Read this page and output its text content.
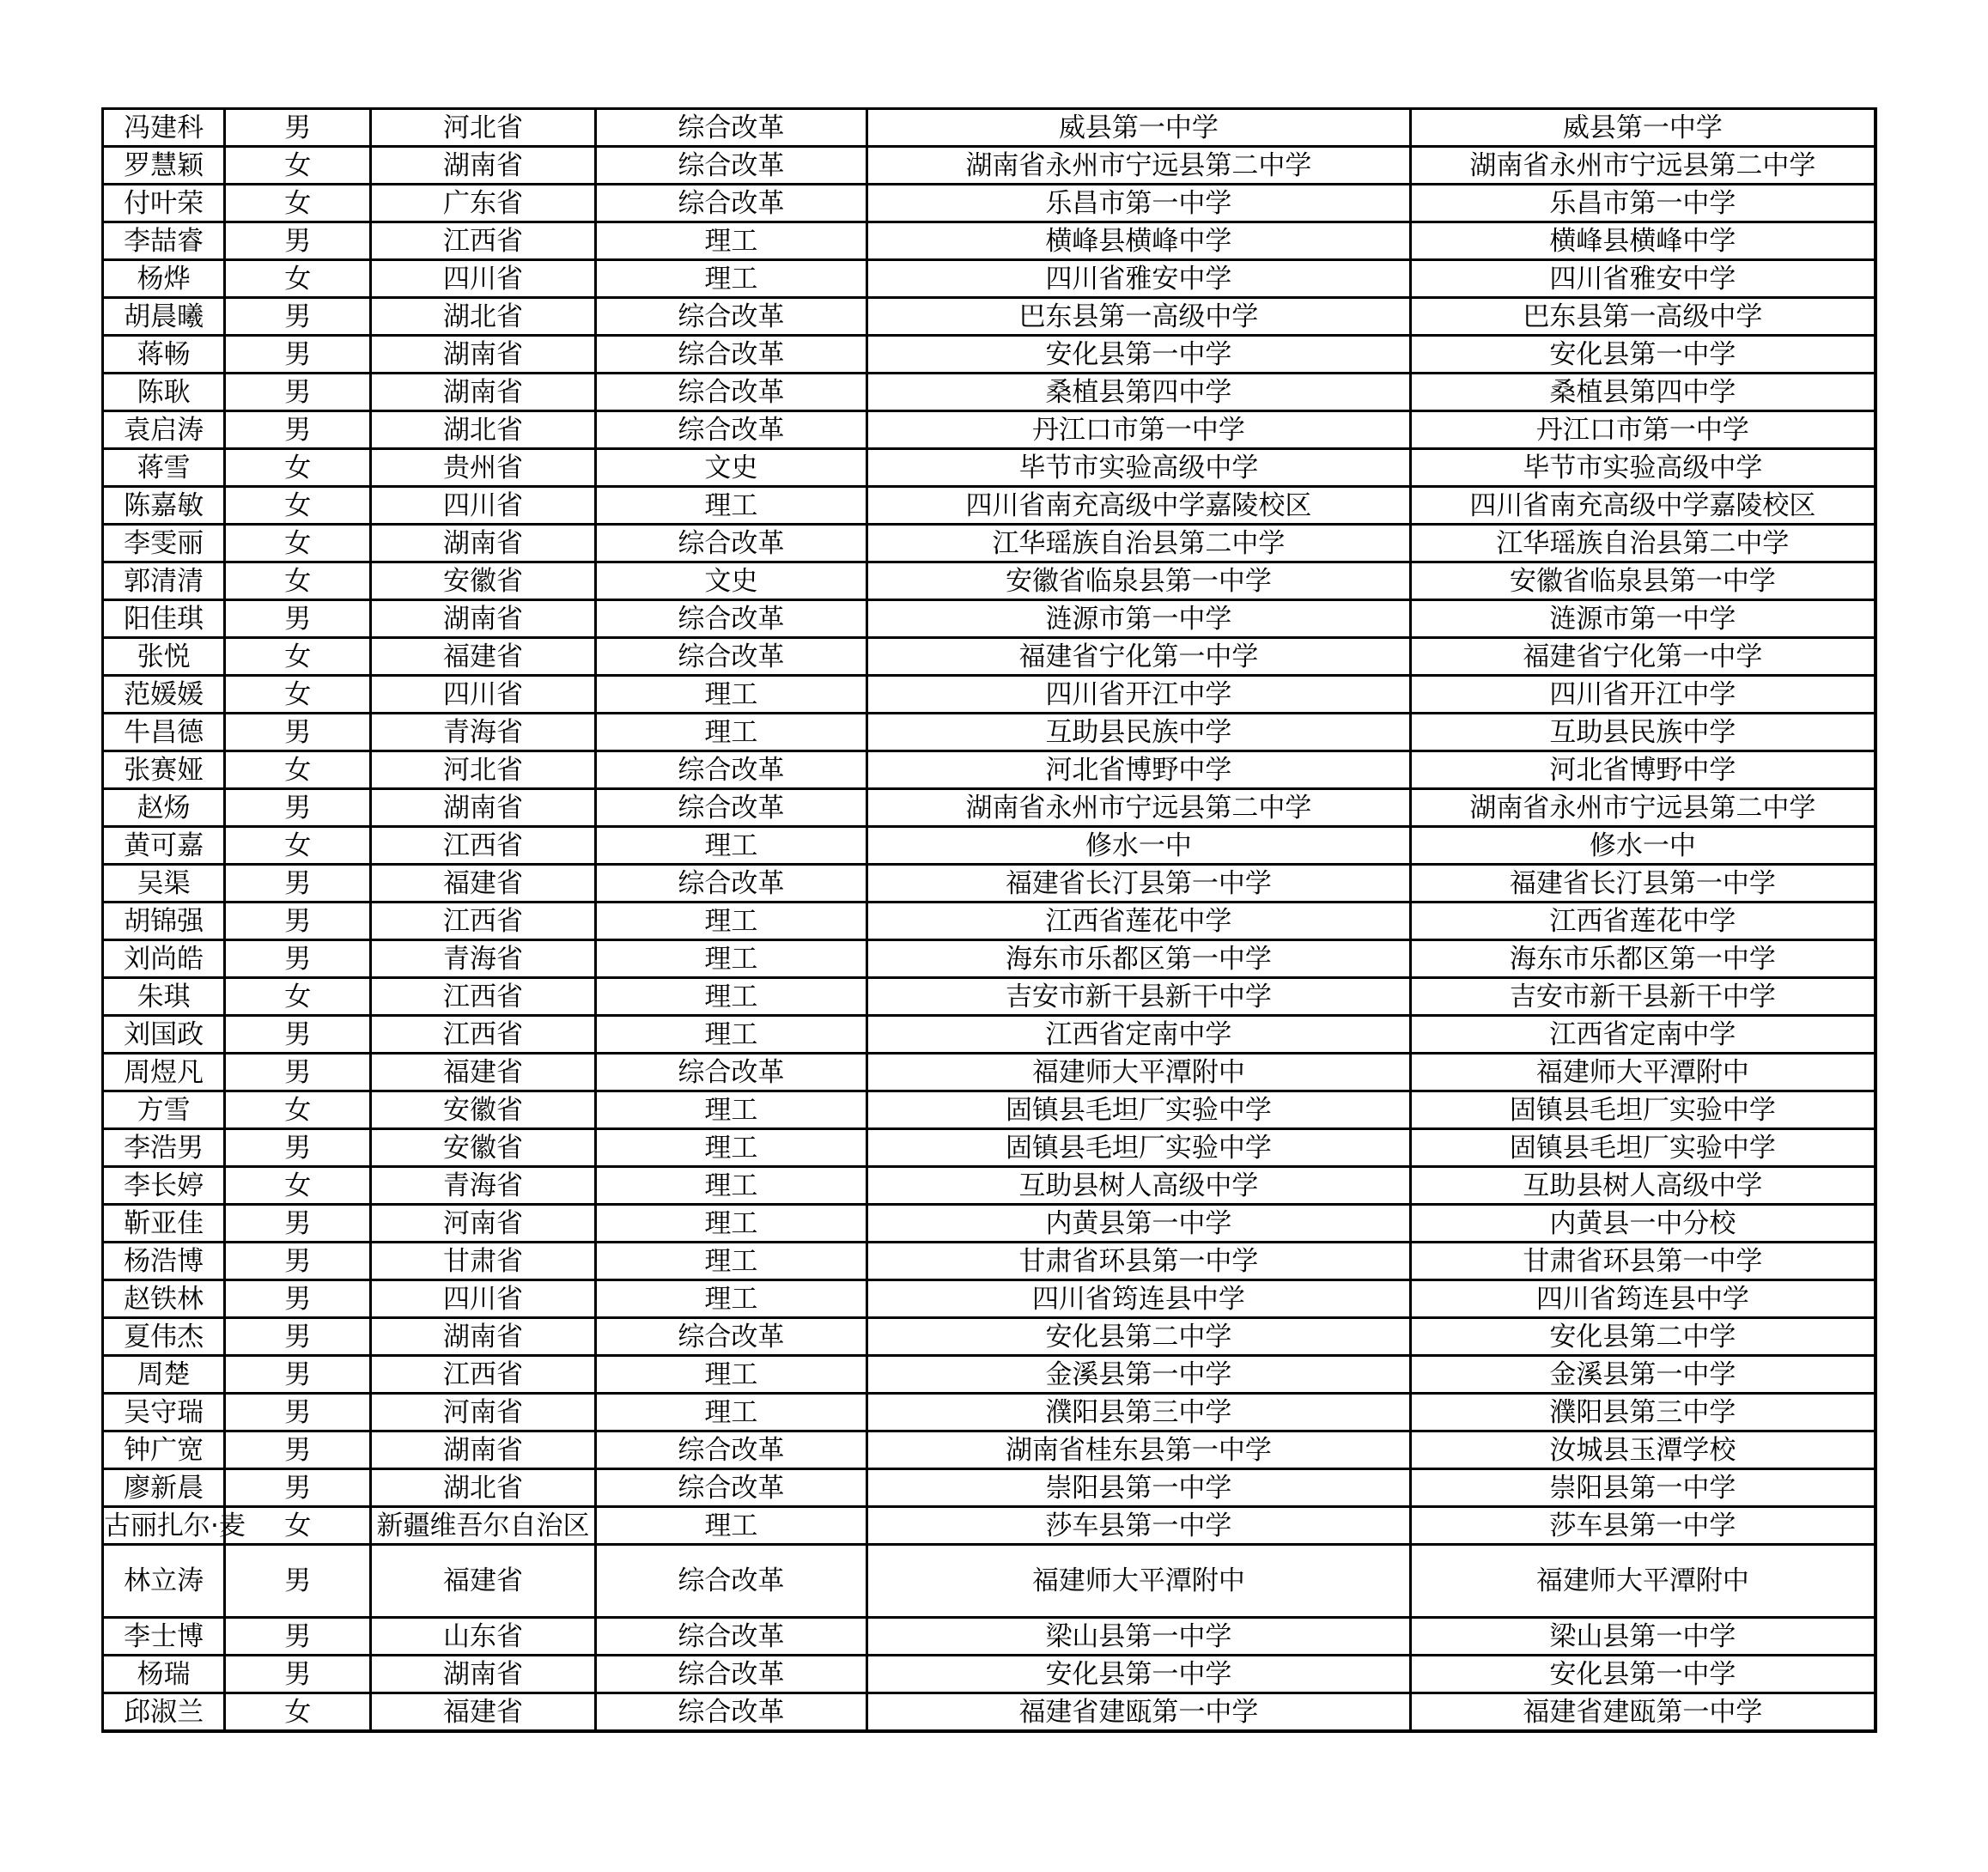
冯建科	男	河北省	综合改革	威县第一中学	威县第一中学
罗慧颖	女	湖南省	综合改革	湖南省永州市宁远县第二中学	湖南省永州市宁远县第二中学
付叶荣	女	广东省	综合改革	乐昌市第一中学	乐昌市第一中学
李喆睿	男	江西省	理工	横峰县横峰中学	横峰县横峰中学
杨烨	女	四川省	理工	四川省雅安中学	四川省雅安中学
胡晨曦	男	湖北省	综合改革	巴东县第一高级中学	巴东县第一高级中学
蒋畅	男	湖南省	综合改革	安化县第一中学	安化县第一中学
陈耿	男	湖南省	综合改革	桑植县第四中学	桑植县第四中学
袁启涛	男	湖北省	综合改革	丹江口市第一中学	丹江口市第一中学
蒋雪	女	贵州省	文史	毕节市实验高级中学	毕节市实验高级中学
陈嘉敏	女	四川省	理工	四川省南充高级中学嘉陵校区	四川省南充高级中学嘉陵校区
李雯丽	女	湖南省	综合改革	江华瑶族自治县第二中学	江华瑶族自治县第二中学
郭清清	女	安徽省	文史	安徽省临泉县第一中学	安徽省临泉县第一中学
阳佳琪	男	湖南省	综合改革	涟源市第一中学	涟源市第一中学
张悦	女	福建省	综合改革	福建省宁化第一中学	福建省宁化第一中学
范媛媛	女	四川省	理工	四川省开江中学	四川省开江中学
牛昌德	男	青海省	理工	互助县民族中学	互助县民族中学
张赛娅	女	河北省	综合改革	河北省博野中学	河北省博野中学
赵炀	男	湖南省	综合改革	湖南省永州市宁远县第二中学	湖南省永州市宁远县第二中学
黄可嘉	女	江西省	理工	修水一中	修水一中
吴渠	男	福建省	综合改革	福建省长汀县第一中学	福建省长汀县第一中学
胡锦强	男	江西省	理工	江西省莲花中学	江西省莲花中学
刘尚皓	男	青海省	理工	海东市乐都区第一中学	海东市乐都区第一中学
朱琪	女	江西省	理工	吉安市新干县新干中学	吉安市新干县新干中学
刘国政	男	江西省	理工	江西省定南中学	江西省定南中学
周煜凡	男	福建省	综合改革	福建师大平潭附中	福建师大平潭附中
方雪	女	安徽省	理工	固镇县毛坦厂实验中学	固镇县毛坦厂实验中学
李浩男	男	安徽省	理工	固镇县毛坦厂实验中学	固镇县毛坦厂实验中学
李长婷	女	青海省	理工	互助县树人高级中学	互助县树人高级中学
靳亚佳	男	河南省	理工	内黄县第一中学	内黄县一中分校
杨浩博	男	甘肃省	理工	甘肃省环县第一中学	甘肃省环县第一中学
赵铁林	男	四川省	理工	四川省筠连县中学	四川省筠连县中学
夏伟杰	男	湖南省	综合改革	安化县第二中学	安化县第二中学
周楚	男	江西省	理工	金溪县第一中学	金溪县第一中学
吴守瑞	男	河南省	理工	濮阳县第三中学	濮阳县第三中学
钟广宽	男	湖南省	综合改革	湖南省桂东县第一中学	汝城县玉潭学校
廖新晨	男	湖北省	综合改革	崇阳县第一中学	崇阳县第一中学
古丽扎尔·麦	女	新疆维吾尔自治区	理工	莎车县第一中学	莎车县第一中学
林立涛	男	福建省	综合改革	福建师大平潭附中	福建师大平潭附中
李士博	男	山东省	综合改革	梁山县第一中学	梁山县第一中学
杨瑞	男	湖南省	综合改革	安化县第一中学	安化县第一中学
邱淑兰	女	福建省	综合改革	福建省建瓯第一中学	福建省建瓯第一中学
